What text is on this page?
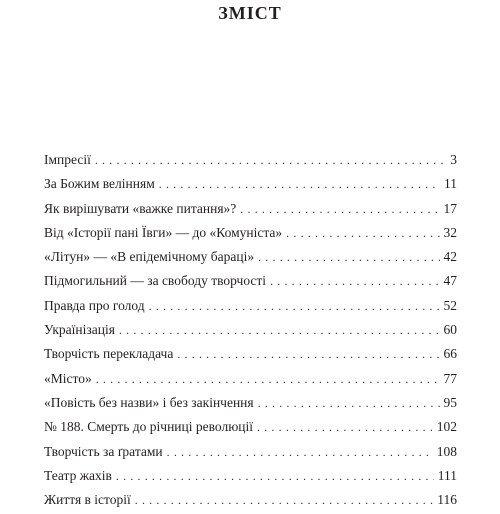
ЗМІСТ
Імпресії . . .	3
За Божим велінням . . .	11
Як вирішувати «важке питання»? . . .	17
Від «Історії пані Ївги» — до «Комуніста» . . .	32
«Літун» — «В епідемічному бараці» . . .	42
Підмогильний — за свободу творчості . . .	47
Правда про голод . . .	52
Українізація . . .	60
Творчість перекладача . . .	66
«Місто» . . .	77
«Повість без назви» і без закінчення . . .	95
№ 188. Смерть до річниці революції . . .	102
Творчість за ґратами . . .	108
Театр жахів . . .	111
Життя в історії . . .	116
